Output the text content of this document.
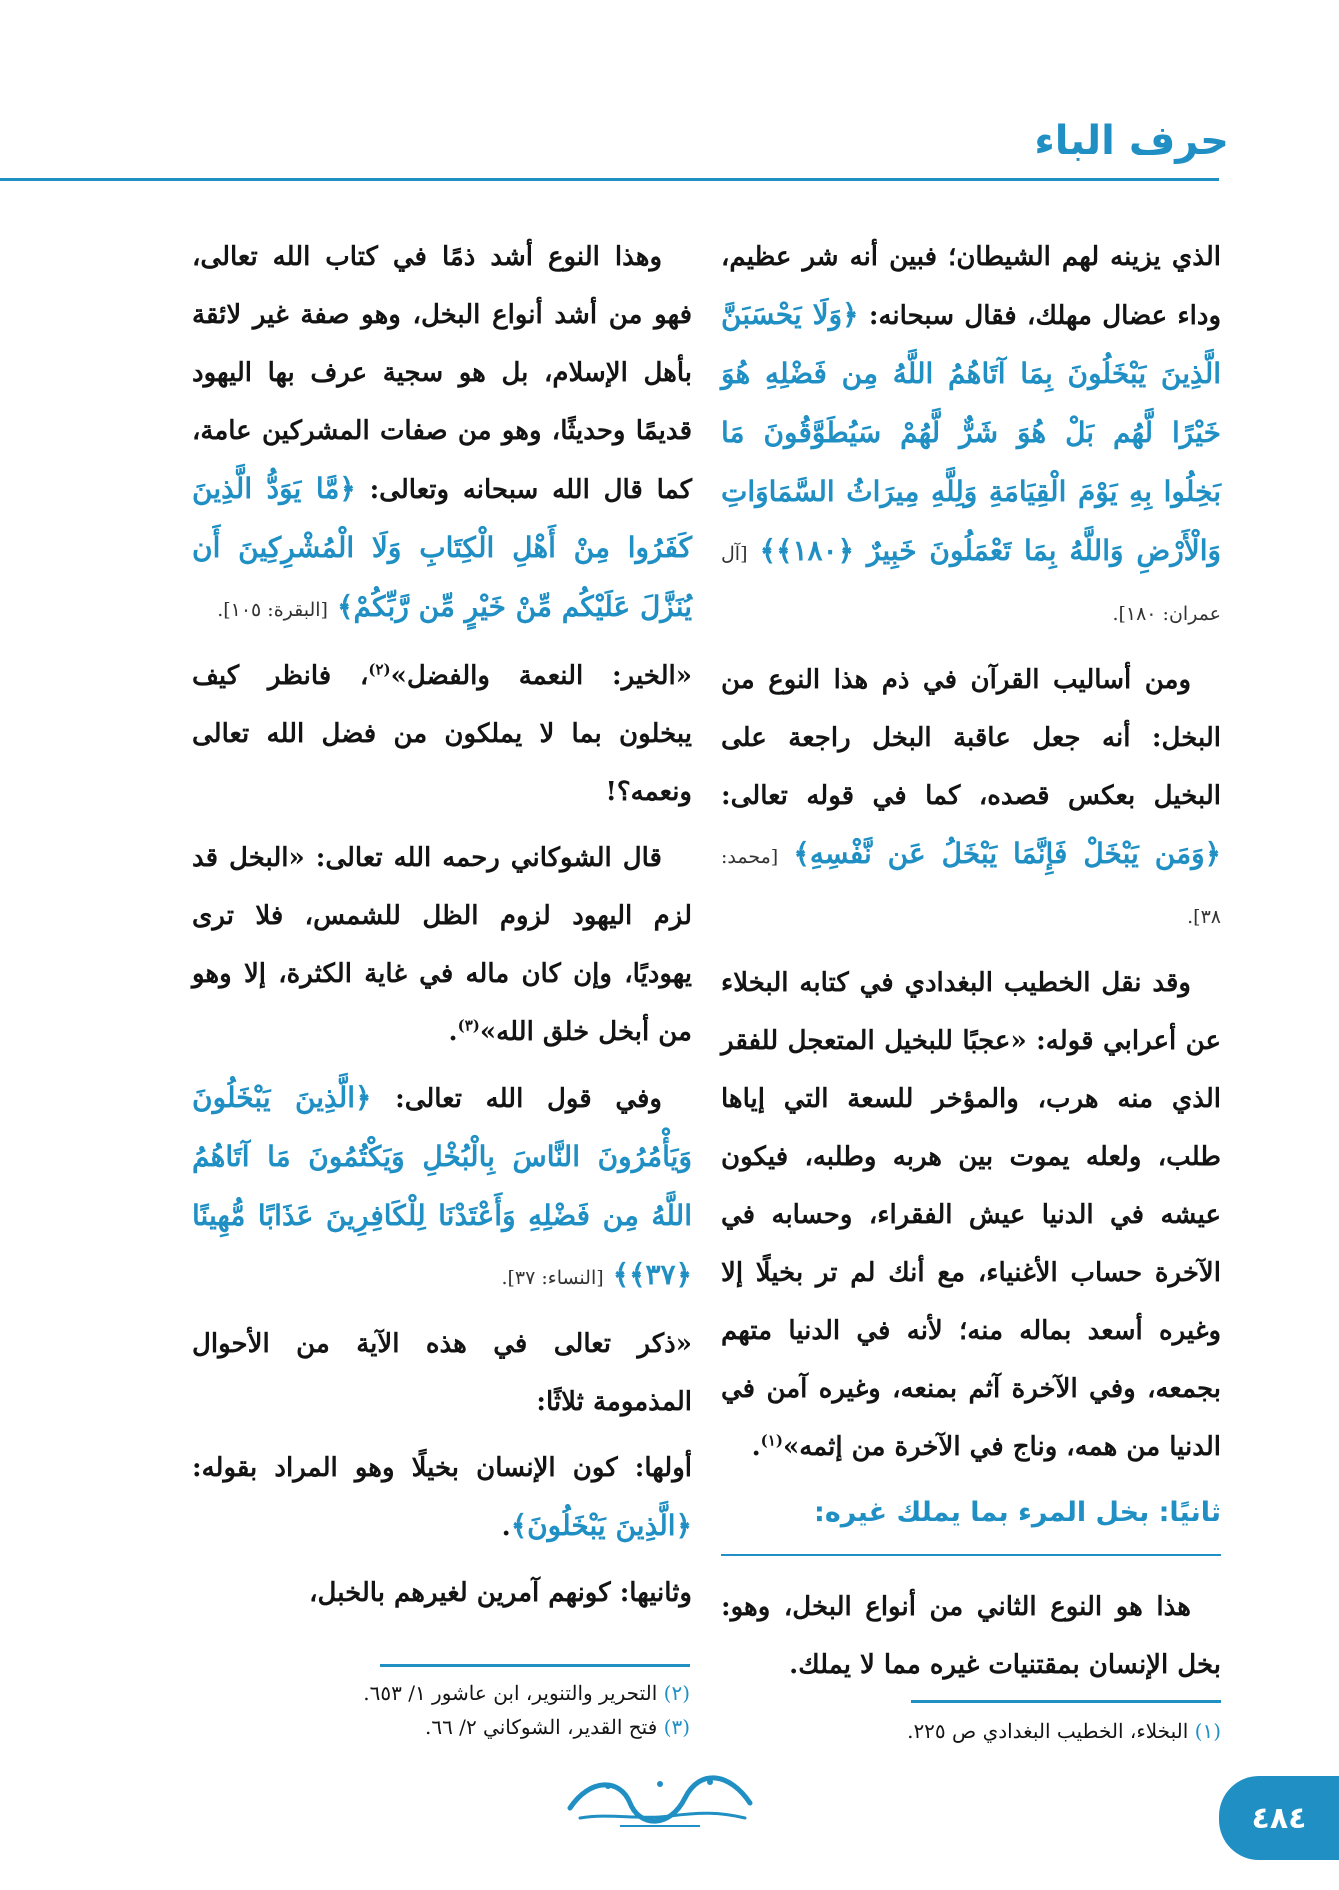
حرف الباء

الذي يزينه لهم الشيطان؛ فبين أنه شر عظيم، وداء عضال مهلك، فقال سبحانه: ﴿وَلَا يَحْسَبَنَّ الَّذِينَ يَبْخَلُونَ بِمَا آتَاهُمُ اللَّهُ مِن فَضْلِهِ هُوَ خَيْرًا لَّهُم بَلْ هُوَ شَرٌّ لَّهُمْ سَيُطَوَّقُونَ مَا بَخِلُوا بِهِ يَوْمَ الْقِيَامَةِ وَلِلَّهِ مِيرَاثُ السَّمَاوَاتِ وَالْأَرْضِ وَاللَّهُ بِمَا تَعْمَلُونَ خَبِيرٌ ﴿١٨٠﴾﴾ [آل عمران: ١٨٠].

ومن أساليب القرآن في ذم هذا النوع من البخل: أنه جعل عاقبة البخل راجعة على البخيل بعكس قصده، كما في قوله تعالى: ﴿وَمَن يَبْخَلْ فَإِنَّمَا يَبْخَلُ عَن نَّفْسِهِ﴾ [محمد: ٣٨].

وقد نقل الخطيب البغدادي في كتابه البخلاء عن أعرابي قوله: «عجبًا للبخيل المتعجل للفقر الذي منه هرب، والمؤخر للسعة التي إياها طلب، ولعله يموت بين هربه وطلبه، فيكون عيشه في الدنيا عيش الفقراء، وحسابه في الآخرة حساب الأغنياء، مع أنك لم تر بخيلًا إلا وغيره أسعد بماله منه؛ لأنه في الدنيا متهم بجمعه، وفي الآخرة آثم بمنعه، وغيره آمن في الدنيا من همه، وناج في الآخرة من إثمه»$^{(١)}$.

ثانيًا: بخل المرء بما يملك غيره:

هذا هو النوع الثاني من أنواع البخل، وهو: بخل الإنسان بمقتنيات غيره مما لا يملك.

وهذا النوع أشد ذمًا في كتاب الله تعالى، فهو من أشد أنواع البخل، وهو صفة غير لائقة بأهل الإسلام، بل هو سجية عرف بها اليهود قديمًا وحديثًا، وهو من صفات المشركين عامة، كما قال الله سبحانه وتعالى: ﴿مَّا يَوَدُّ الَّذِينَ كَفَرُوا مِنْ أَهْلِ الْكِتَابِ وَلَا الْمُشْرِكِينَ أَن يُنَزَّلَ عَلَيْكُم مِّنْ خَيْرٍ مِّن رَّبِّكُمْ﴾ [البقرة: ١٠٥].

«الخير: النعمة والفضل»$^{(٢)}$، فانظر كيف يبخلون بما لا يملكون من فضل الله تعالى ونعمه؟!

قال الشوكاني رحمه الله تعالى: «البخل قد لزم اليهود لزوم الظل للشمس، فلا ترى يهوديًا، وإن كان ماله في غاية الكثرة، إلا وهو من أبخل خلق الله»$^{(٣)}$.

وفي قول الله تعالى: ﴿الَّذِينَ يَبْخَلُونَ وَيَأْمُرُونَ النَّاسَ بِالْبُخْلِ وَيَكْتُمُونَ مَا آتَاهُمُ اللَّهُ مِن فَضْلِهِ وَأَعْتَدْنَا لِلْكَافِرِينَ عَذَابًا مُّهِينًا ﴿٣٧﴾﴾ [النساء: ٣٧].

«ذكر تعالى في هذه الآية من الأحوال المذمومة ثلاثًا:

أولها: كون الإنسان بخيلًا وهو المراد بقوله: ﴿الَّذِينَ يَبْخَلُونَ﴾.

وثانيها: كونهم آمرين لغيرهم بالخبل،

(١) البخلاء، الخطيب البغدادي ص ٢٢٥.
(٢) التحرير والتنوير، ابن عاشور ١/ ٦٥٣.
(٣) فتح القدير، الشوكاني ٢/ ٦٦.
٤٨٤
